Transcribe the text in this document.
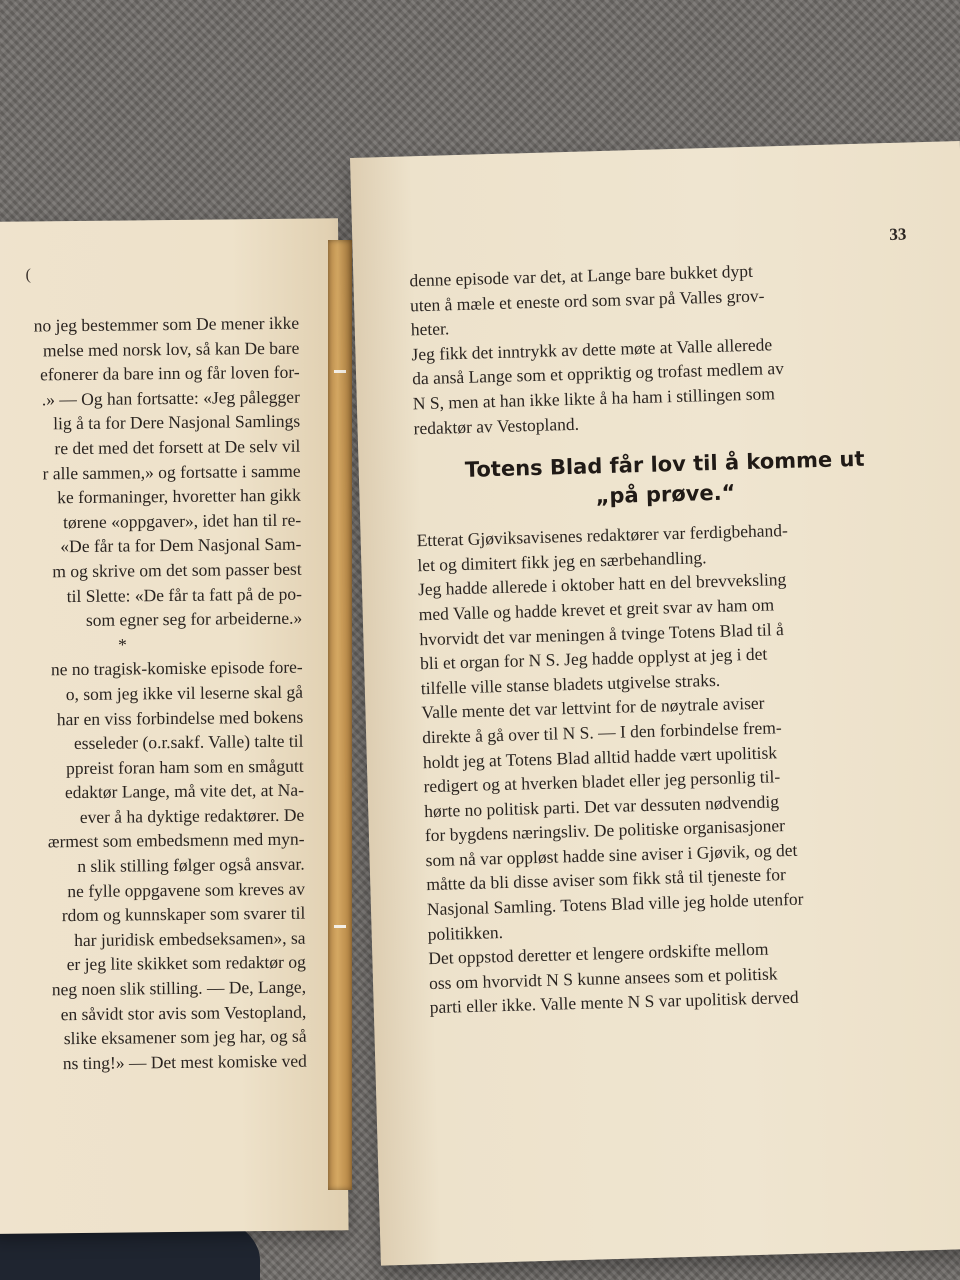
(
no jeg bestemmer som De mener ikke
melse med norsk lov, så kan De bare
efonerer da bare inn og får loven for-
.» — Og han fortsatte: «Jeg pålegger
lig å ta for Dere Nasjonal Samlings
re det med det forsett at De selv vil
r alle sammen,» og fortsatte i samme
ke formaninger, hvoretter han gikk
tørene «oppgaver», idet han til re-
«De får ta for Dem Nasjonal Sam-
m og skrive om det som passer best
til Slette: «De får ta fatt på de po-
som egner seg for arbeiderne.»
*
ne no tragisk-komiske episode fore-
o, som jeg ikke vil leserne skal gå
har en viss forbindelse med bokens
esseleder (o.r.sakf. Valle) talte til
ppreist foran ham som en smågutt
edaktør Lange, må vite det, at Na-
ever å ha dyktige redaktører. De
ærmest som embedsmenn med myn-
n slik stilling følger også ansvar.
ne fylle oppgavene som kreves av
rdom og kunnskaper som svarer til
har juridisk embedseksamen», sa
er jeg lite skikket som redaktør og
neg noen slik stilling. — De, Lange,
en såvidt stor avis som Vestopland,
slike eksamener som jeg har, og så
ns ting!» — Det mest komiske ved
33
denne episode var det, at Lange bare bukket dypt
uten å mæle et eneste ord som svar på Valles grov-
heter.
Jeg fikk det inntrykk av dette møte at Valle allerede
da anså Lange som et oppriktig og trofast medlem av
N S, men at han ikke likte å ha ham i stillingen som
redaktør av Vestopland.
Totens Blad får lov til å komme ut
„på prøve.“
Etterat Gjøviksavisenes redaktører var ferdigbehand-
let og dimitert fikk jeg en særbehandling.
Jeg hadde allerede i oktober hatt en del brevveksling
med Valle og hadde krevet et greit svar av ham om
hvorvidt det var meningen å tvinge Totens Blad til å
bli et organ for N S. Jeg hadde opplyst at jeg i det
tilfelle ville stanse bladets utgivelse straks.
Valle mente det var lettvint for de nøytrale aviser
direkte å gå over til N S. — I den forbindelse frem-
holdt jeg at Totens Blad alltid hadde vært upolitisk
redigert og at hverken bladet eller jeg personlig til-
hørte no politisk parti. Det var dessuten nødvendig
for bygdens næringsliv. De politiske organisasjoner
som nå var oppløst hadde sine aviser i Gjøvik, og det
måtte da bli disse aviser som fikk stå til tjeneste for
Nasjonal Samling. Totens Blad ville jeg holde utenfor
politikken.
Det oppstod deretter et lengere ordskifte mellom
oss om hvorvidt N S kunne ansees som et politisk
parti eller ikke. Valle mente N S var upolitisk derved
